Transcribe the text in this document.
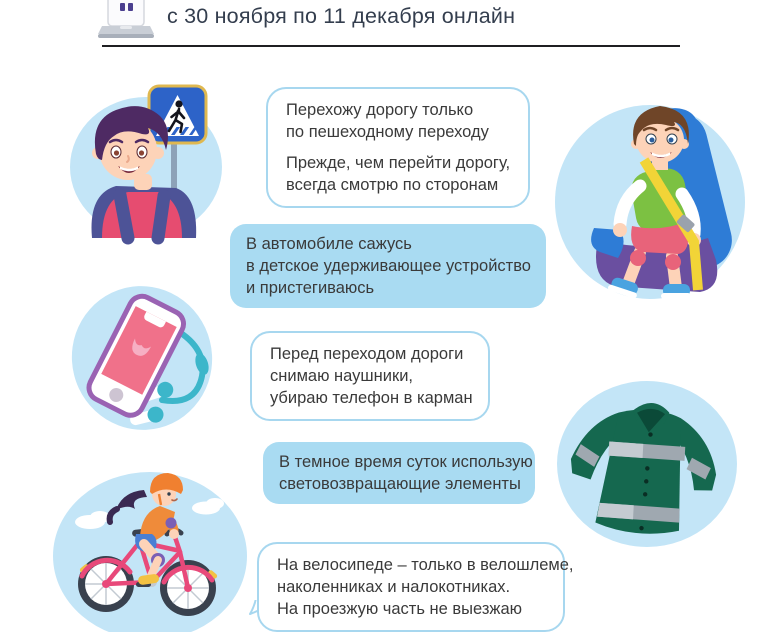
с 30 ноября по 11 декабря онлайн
Перехожу дорогу только
по пешеходному переходу
Прежде, чем перейти дорогу,
всегда смотрю по сторонам
В автомобиле сажусь
в детское удерживающее устройство
и пристегиваюсь
Перед переходом дороги
снимаю наушники,
убираю телефон в карман
В темное время суток использую
световозвращающие элементы
На велосипеде – только в велошлеме,
наколенниках и налокотниках.
На проезжую часть не выезжаю
